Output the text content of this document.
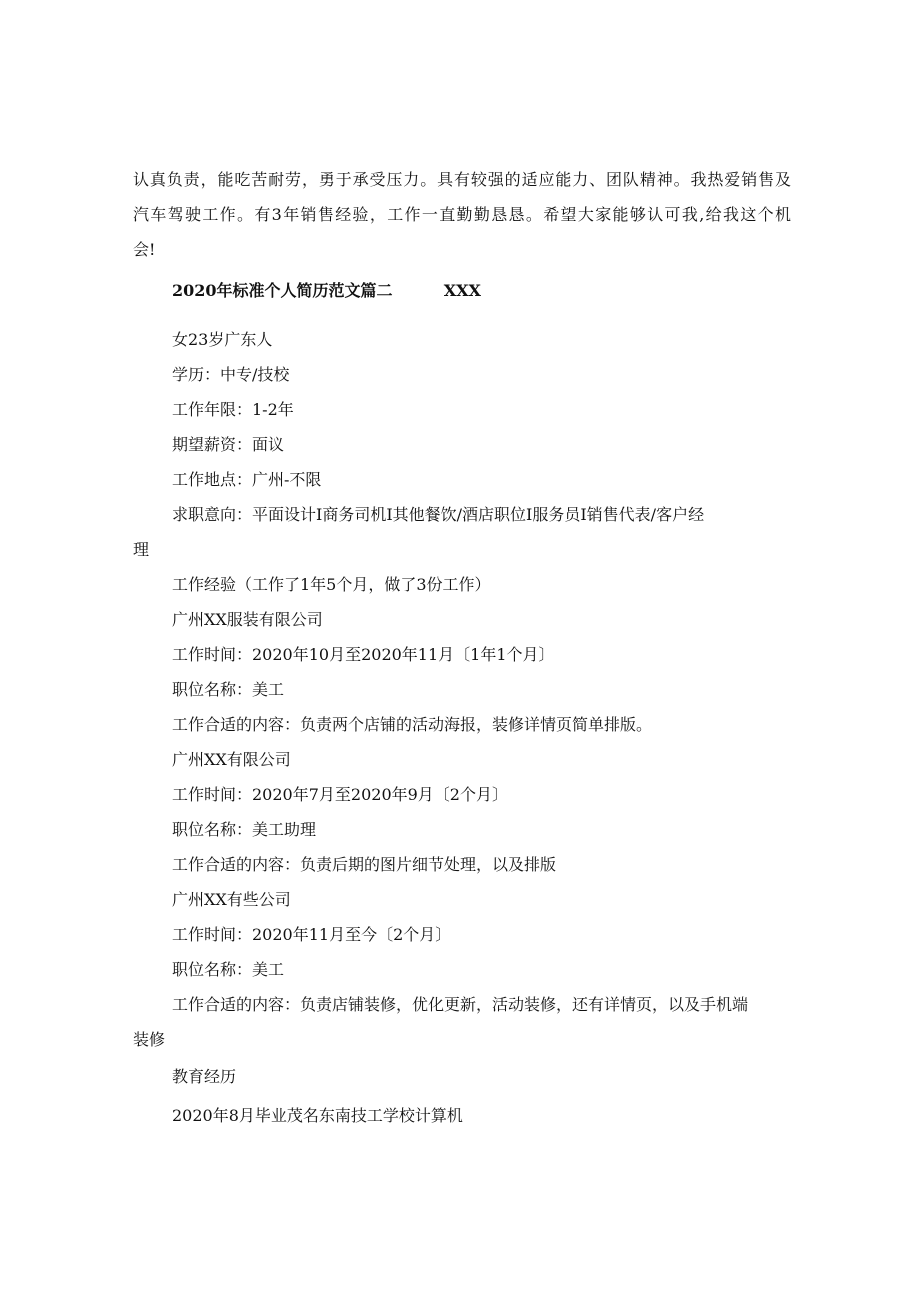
认真负责，能吃苦耐劳，勇于承受压力。具有较强的适应能力、团队精神。我热爱销售及
汽车驾驶工作。有3年销售经验，工作一直勤勤恳恳。希望大家能够认可我,给我这个机
会!
2020年标准个人简历范文篇二	XXX
女23岁广东人
学历：中专/技校
工作年限：1-2年
期望薪资：面议
工作地点：广州-不限
求职意向：平面设计I商务司机I其他餐饮/酒店职位I服务员I销售代表/客户经
理
工作经验（工作了1年5个月，做了3份工作）
广州XX服装有限公司
工作时间：2020年10月至2020年11月〔1年1个月〕
职位名称：美工
工作合适的内容：负责两个店铺的活动海报，装修详情页简单排版。
广州XX有限公司
工作时间：2020年7月至2020年9月〔2个月〕
职位名称：美工助理
工作合适的内容：负责后期的图片细节处理，以及排版
广州XX有些公司
工作时间：2020年11月至今〔2个月〕
职位名称：美工
工作合适的内容：负责店铺装修，优化更新，活动装修，还有详情页，以及手机端
装修
教育经历
2020年8月毕业茂名东南技工学校计算机
